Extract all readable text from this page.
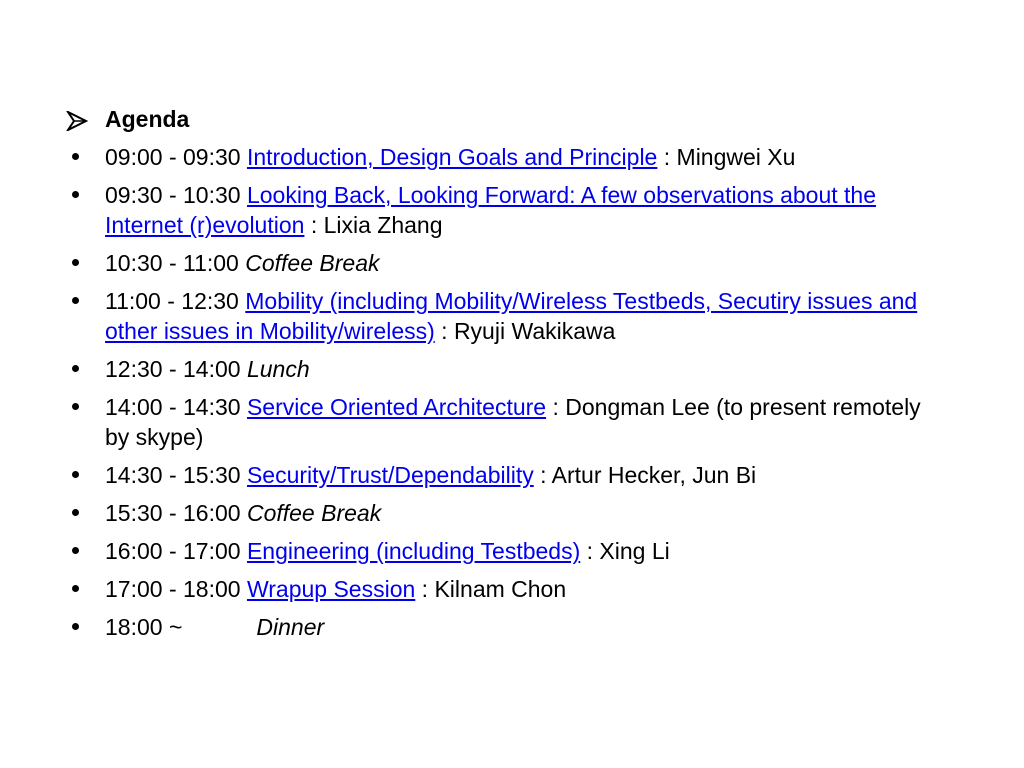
Agenda
09:00 - 09:30 Introduction, Design Goals and Principle : Mingwei Xu
09:30 - 10:30 Looking Back, Looking Forward: A few observations about the Internet (r)evolution : Lixia Zhang
10:30 - 11:00 Coffee Break
11:00 - 12:30 Mobility (including Mobility/Wireless Testbeds, Secutiry issues and other issues in Mobility/wireless) : Ryuji Wakikawa
12:30 - 14:00 Lunch
14:00 - 14:30 Service Oriented Architecture : Dongman Lee (to present remotely by skype)
14:30 - 15:30 Security/Trust/Dependability : Artur Hecker, Jun Bi
15:30 - 16:00 Coffee Break
16:00 - 17:00 Engineering (including Testbeds) : Xing Li
17:00 - 18:00 Wrapup Session : Kilnam Chon
18:00 ~	Dinner
